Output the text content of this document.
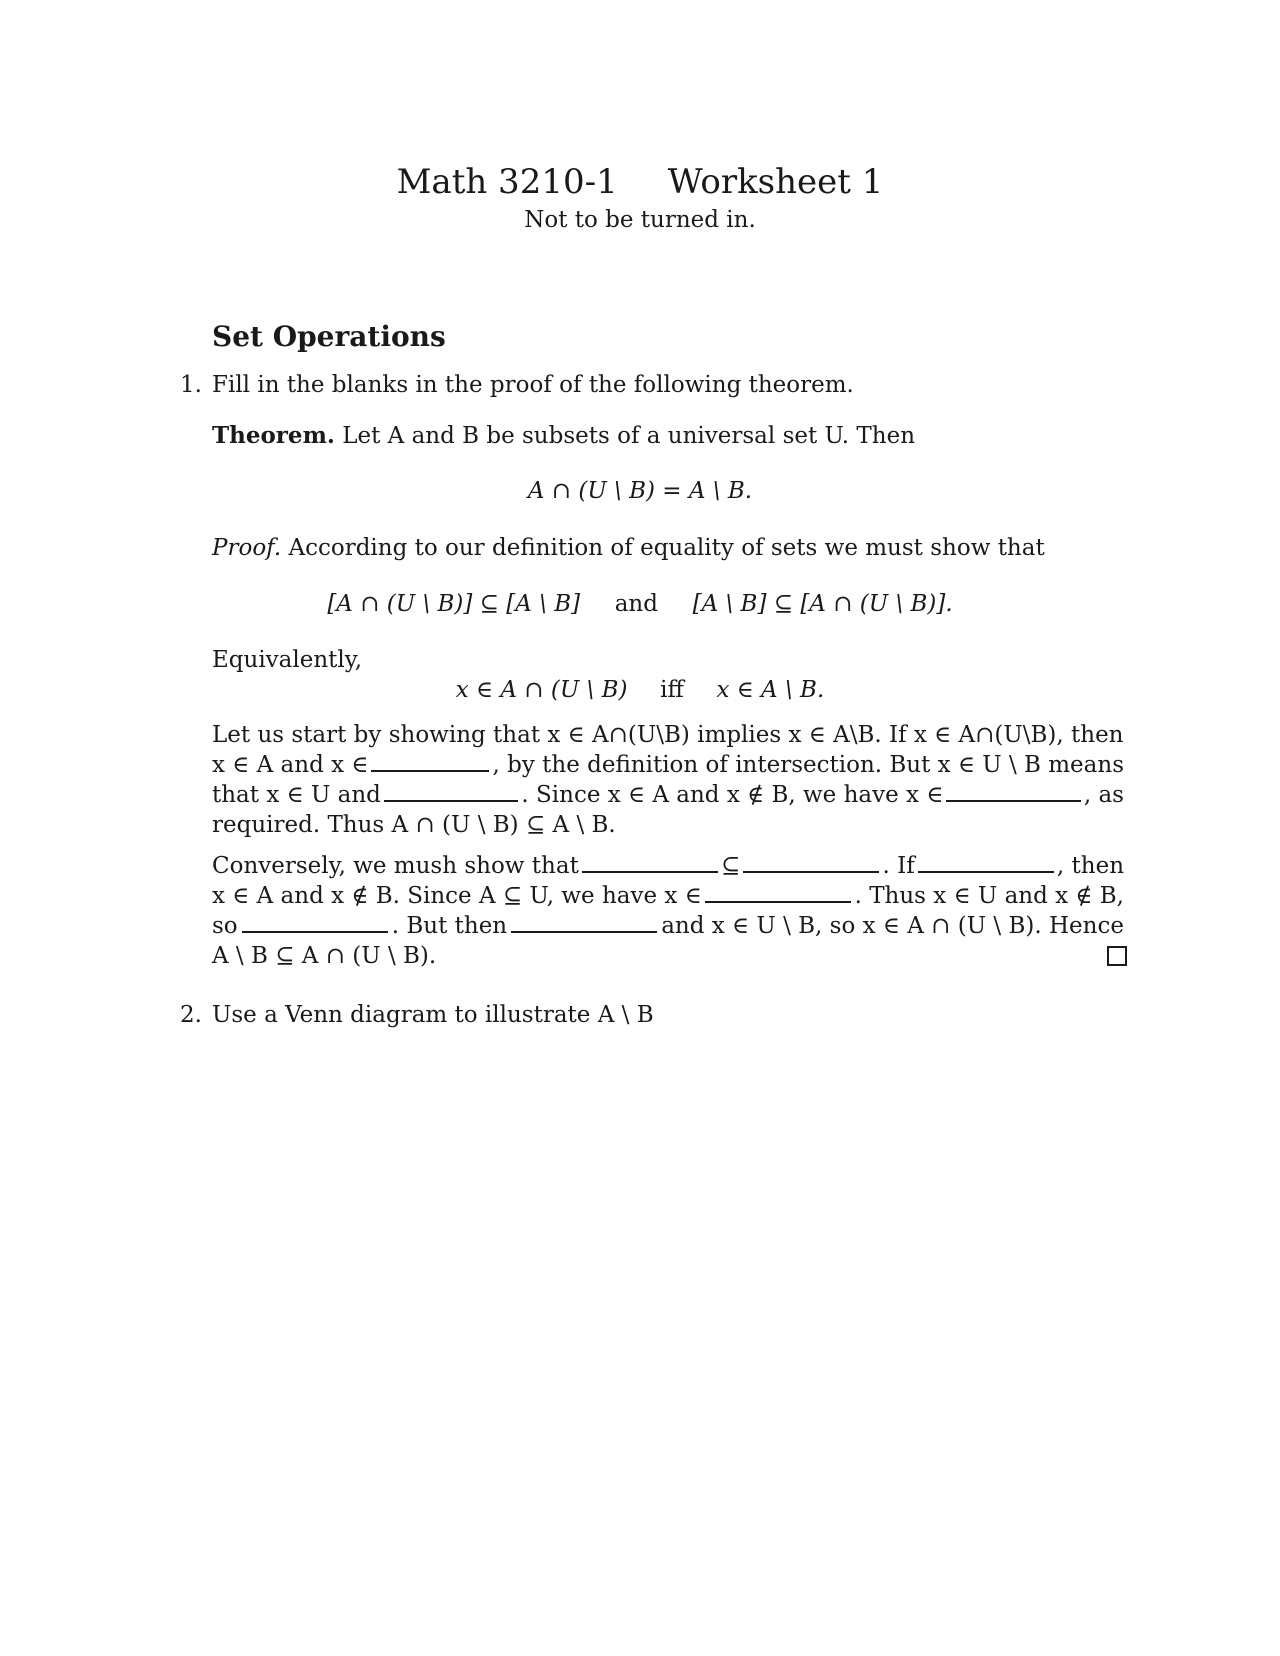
Math 3210-1 Worksheet 1
Not to be turned in.
Set Operations
1. Fill in the blanks in the proof of the following theorem.
Theorem. Let A and B be subsets of a universal set U. Then
A ∩ (U \ B) = A \ B.
Proof. According to our definition of equality of sets we must show that
[A ∩ (U \ B)] ⊆ [A \ B] and [A \ B] ⊆ [A ∩ (U \ B)].
Equivalently,
x ∈ A ∩ (U \ B) iff x ∈ A \ B.
Let us start by showing that x ∈ A∩(U\B) implies x ∈ A\B. If x ∈ A∩(U\B), then
x ∈ A and x ∈	, by the definition of intersection. But x ∈ U \ B means
that x ∈ U and	. Since x ∈ A and x ∉ B, we have x ∈	, as
required. Thus A ∩ (U \ B) ⊆ A \ B.
Conversely, we mush show that	⊆	. If	, then
x ∈ A and x ∉ B. Since A ⊆ U, we have x ∈	. Thus x ∈ U and x ∉ B,
so	. But then	and x ∈ U \ B, so x ∈ A ∩ (U \ B). Hence
A \ B ⊆ A ∩ (U \ B).
2. Use a Venn diagram to illustrate A \ B
